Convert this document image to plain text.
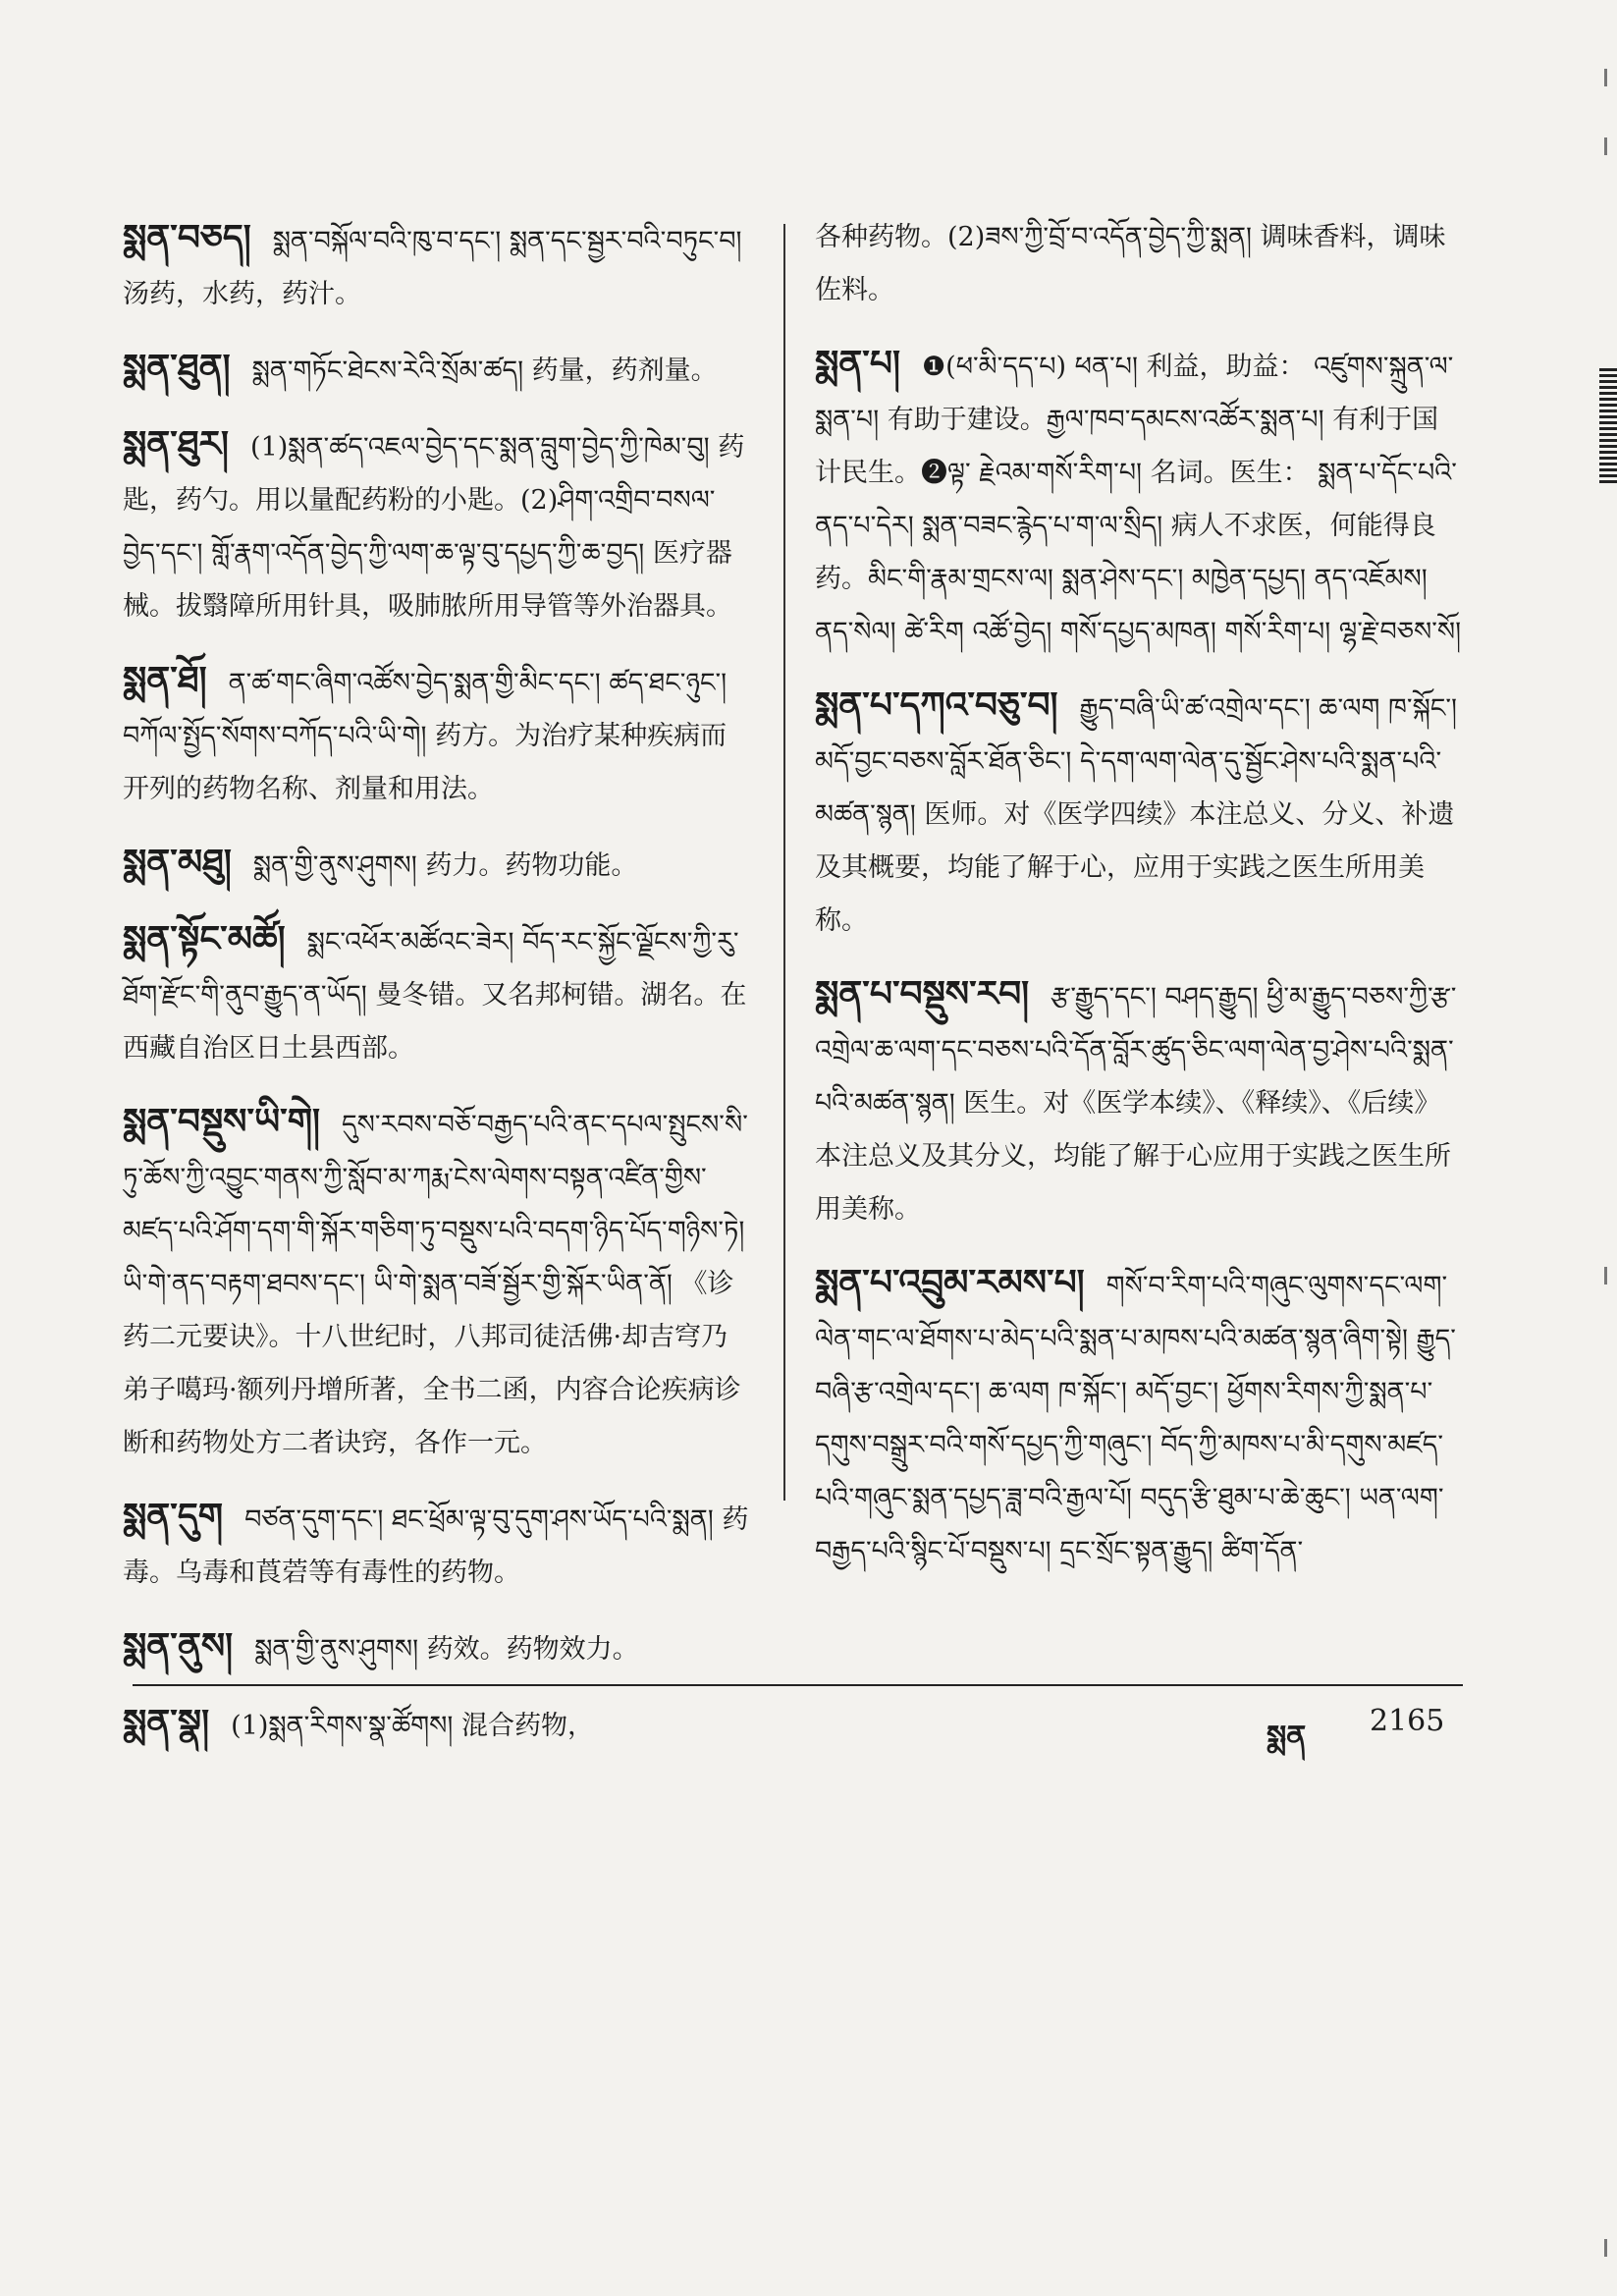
སྨན་བཅད། སྨན་བསྐོལ་བའི་ཁུ་བ་དང་། སྨན་དང་སྦྱར་བའི་བཏུང་བ། 汤药，水药，药汁。
སྨན་ཐུན། སྨན་གཏོང་ཐེངས་རེའི་སྲོམ་ཚད། 药量，药剂量。
སྨན་ཐུར། (1)སྨན་ཚད་འཇལ་བྱེད་དང་སྨན་བླུག་བྱེད་ཀྱི་ཁེམ་བུ། 药匙，药勺。用以量配药粉的小匙。(2)ཤིག་འགྲིབ་བསལ་བྱེད་དང་། གློ་རྣག་འདོན་བྱེད་ཀྱི་ལག་ཆ་ལྟ་བུ་དཔྱད་ཀྱི་ཆ་བྱད། 医疗器械。拔翳障所用针具，吸肺脓所用导管等外治器具。
སྨན་ཐོ། ན་ཚ་གང་ཞིག་འཚོས་བྱེད་སྨན་གྱི་མིང་དང་། ཚད་ཐང་ཉུང་། བཀོལ་སྤྱོད་སོགས་བཀོད་པའི་ཡི་གེ། 药方。为治疗某种疾病而开列的药物名称、剂量和用法。
སྨན་མཐུ། སྨན་གྱི་ནུས་ཤུགས། 药力。药物功能。
སྨན་སྟོང་མཚོ། སྨང་འཕོར་མཚོའང་ཟེར། བོད་རང་སྐྱོང་ལྗོངས་ཀྱི་རུ་ཐོག་རྫོང་གི་ནུབ་རྒྱུད་ན་ཡོད། 曼冬错。又名邦柯错。湖名。在西藏自治区日土县西部。
སྨན་བསྡུས་ཡི་གེ། དུས་རབས་བཅོ་བརྒྱད་པའི་ནང་དཔལ་སྤུངས་སི་ཏུ་ཆོས་ཀྱི་འབྱུང་གནས་ཀྱི་སློབ་མ་ཀརྨ་ངེས་ལེགས་བསྟན་འཛིན་གྱིས་མཛད་པའི་ཤོག་དག་གི་སྐོར་གཅིག་ཏུ་བསྡུས་པའི་བདག་ཉིད་པོད་གཉིས་ཏེ། ཡི་གེ་ནད་བརྟག་ཐབས་དང་། ཡི་གེ་སྨན་བཟོ་སྦྱོར་གྱི་སྐོར་ཡིན་ནོ། 《诊药二元要诀》。十八世纪时，八邦司徒活佛·却吉穹乃弟子噶玛·额列丹增所著，全书二函，内容合论疾病诊断和药物处方二者诀窍，各作一元。
སྨན་དུག བཙན་དུག་དང་། ཐང་ཕྲོམ་ལྟ་བུ་དུག་ཤས་ཡོད་པའི་སྨན། 药毒。乌毒和莨菪等有毒性的药物。
སྨན་ནུས། སྨན་གྱི་ནུས་ཤུགས། 药效。药物效力。
སྨན་སྣ། (1)སྨན་རིགས་སྣ་ཚོགས། 混合药物，
各种药物。(2)ཟས་ཀྱི་བྲོ་བ་འདོན་བྱེད་ཀྱི་སྨན། 调味香料，调味佐料。
སྨན་པ། ❶(ཕ་མི་དད་པ) ཕན་པ། 利益，助益： འཛུགས་སྐྲུན་ལ་སྨན་པ། 有助于建设。རྒྱལ་ཁབ་དམངས་འཚོར་སྨན་པ། 有利于国计民生。❷ལྟ་ རྗེའམ་གསོ་རིག་པ། 名词。医生： སྨན་པ་དོང་པའི་ནད་པ་དེར། སྨན་བཟང་རྙེད་པ་ག་ལ་སྲིད། 病人不求医，何能得良药。མིང་གི་རྣམ་གྲངས་ལ། སྨན་ཤེས་དང་། མཁྱེན་དཔྱད། ནད་འཇོམས། ནད་སེལ། ཚེ་རིག འཚོ་བྱེད། གསོ་དཔྱད་མཁན། གསོ་རིག་པ། ལྷ་རྗེ་བཅས་སོ།
སྨན་པ་དཀའ་བཅུ་བ། རྒྱུད་བཞི་ཡི་ཚ་འགྲེལ་དང་། ཆ་ལག ཁ་སྐོང་། མདོ་བྱང་བཅས་བློར་ཐོན་ཅིང་། དེ་དག་ལག་ལེན་དུ་སྦྱོང་ཤེས་པའི་སྨན་པའི་མཚན་སྙན། 医师。对《医学四续》本注总义、分义、补遗及其概要，均能了解于心，应用于实践之医生所用美称。
སྨན་པ་བསྡུས་རབ། རྩ་རྒྱུད་དང་། བཤད་རྒྱུད། ཕྱི་མ་རྒྱུད་བཅས་ཀྱི་རྩ་འགྲེལ་ཆ་ལག་དང་བཅས་པའི་དོན་བློར་ཚུད་ཅིང་ལག་ལེན་བྱ་ཤེས་པའི་སྨན་པའི་མཚན་སྙན། 医生。对《医学本续》、《释续》、《后续》本注总义及其分义，均能了解于心应用于实践之医生所用美称。
སྨན་པ་འབྲུམ་རམས་པ། གསོ་བ་རིག་པའི་གཞུང་ལུགས་དང་ལག་ལེན་གང་ལ་ཐོགས་པ་མེད་པའི་སྨན་པ་མཁས་པའི་མཚན་སྙན་ཞིག་སྟེ། རྒྱུད་བཞི་རྩ་འགྲེལ་དང་། ཆ་ལག ཁ་སྐོང་། མདོ་བྱང་། ཕྱོགས་རིགས་ཀྱི་སྨན་པ་དགུས་བསྒྲུར་བའི་གསོ་དཔྱད་ཀྱི་གཞུང་། བོད་ཀྱི་མཁས་པ་མི་དགུས་མཛད་པའི་གཞུང་སྨན་དཔྱད་ཟླ་བའི་རྒྱལ་པོ། བདུད་རྩི་ཐུམ་པ་ཆེ་ཆུང་། ཡན་ལག་བརྒྱད་པའི་སྙིང་པོ་བསྡུས་པ། དྲང་སྲོང་སྟན་རྒྱུད། ཚིག་དོན་
སྨན 2165
